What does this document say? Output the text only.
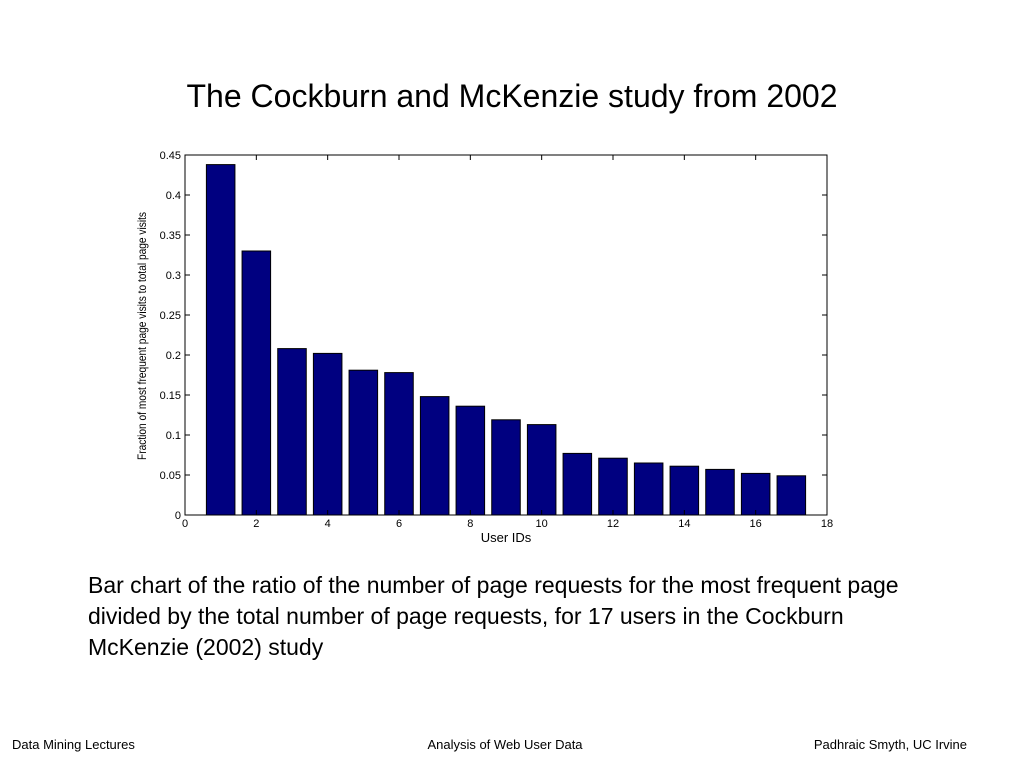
The Cockburn and McKenzie study from 2002
0	2	4	6	8	10	12	14	16	18
0
0.05
0.1
0.15
0.2
0.25
0.3
0.35
0.4
0.45
User IDs
Fraction of most frequent page visits to total page visits
Bar chart of the ratio of the number of page requests for the most frequent page divided by the total number of page requests, for 17 users in the Cockburn McKenzie (2002) study
Data Mining Lectures	Analysis of Web User Data	Padhraic Smyth, UC Irvine
